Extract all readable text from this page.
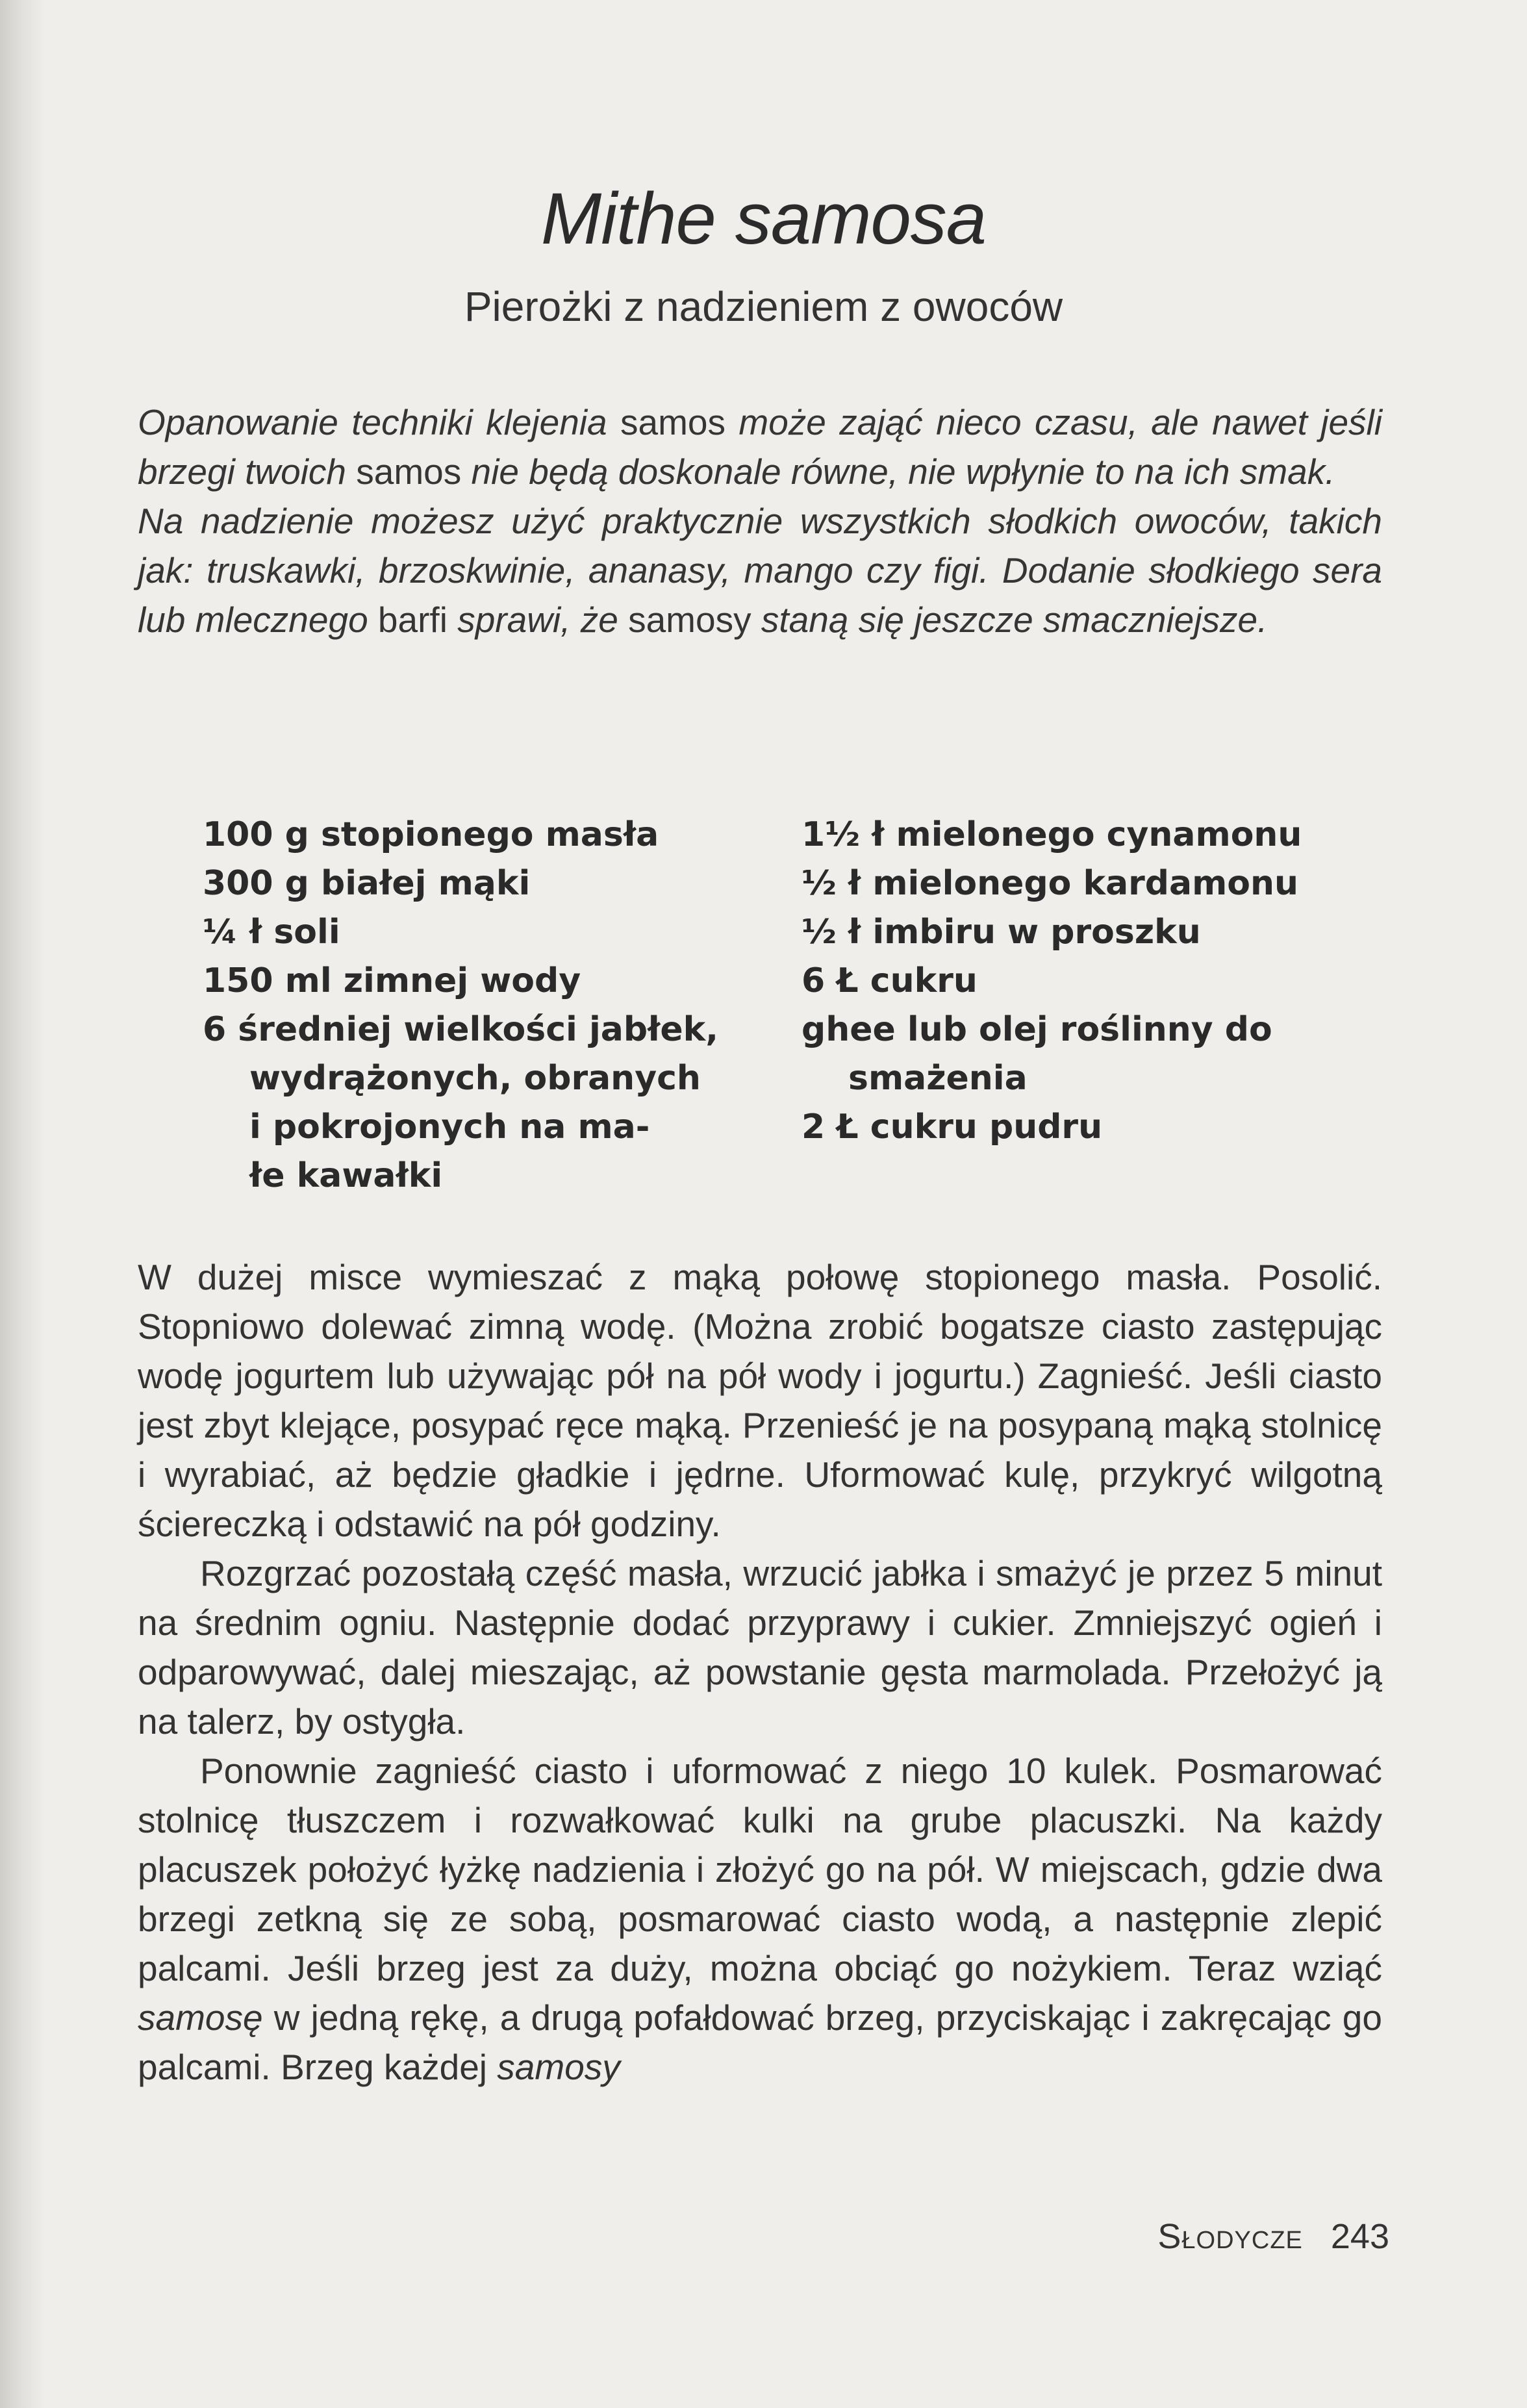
Mithe samosa
Pierożki z nadzieniem z owoców

Opanowanie techniki klejenia samos może zająć nieco czasu, ale nawet jeśli brzegi twoich samos nie będą doskonale równe, nie wpłynie to na ich smak.

Na nadzienie możesz użyć praktycznie wszystkich słodkich owoców, takich jak: truskawki, brzoskwinie, ananasy, mango czy figi. Dodanie słodkiego sera lub mlecznego barfi sprawi, że samosy staną się jeszcze smaczniejsze.

100 g stopionego masła
300 g białej mąki
¼ ł soli
150 ml zimnej wody
6 średniej wielkości jabłek,
wydrążonych, obranych
i pokrojonych na ma-
łe kawałki
1½ ł mielonego cynamonu
½ ł mielonego kardamonu
½ ł imbiru w proszku
6 Ł cukru
ghee lub olej roślinny do
smażenia
2 Ł cukru pudru

W dużej misce wymieszać z mąką połowę stopionego masła. Posolić. Stopniowo dolewać zimną wodę. (Można zrobić bogatsze ciasto zastępując wodę jogurtem lub używając pół na pół wody i jogurtu.) Zagnieść. Jeśli ciasto jest zbyt klejące, posypać ręce mąką. Przenieść je na posypaną mąką stolnicę i wyrabiać, aż będzie gładkie i jędrne. Uformować kulę, przykryć wilgotną ściereczką i odstawić na pół godziny.

Rozgrzać pozostałą część masła, wrzucić jabłka i smażyć je przez 5 minut na średnim ogniu. Następnie dodać przyprawy i cukier. Zmniejszyć ogień i odparowywać, dalej mieszając, aż powstanie gęsta marmolada. Przełożyć ją na talerz, by ostygła.

Ponownie zagnieść ciasto i uformować z niego 10 kulek. Posmarować stolnicę tłuszczem i rozwałkować kulki na grube placuszki. Na każdy placuszek położyć łyżkę nadzienia i złożyć go na pół. W miejscach, gdzie dwa brzegi zetkną się ze sobą, posmarować ciasto wodą, a następnie zlepić palcami. Jeśli brzeg jest za duży, można obciąć go nożykiem. Teraz wziąć samosę w jedną rękę, a drugą pofałdować brzeg, przyciskając i zakręcając go palcami. Brzeg każdej samosy

Słodycze 243
